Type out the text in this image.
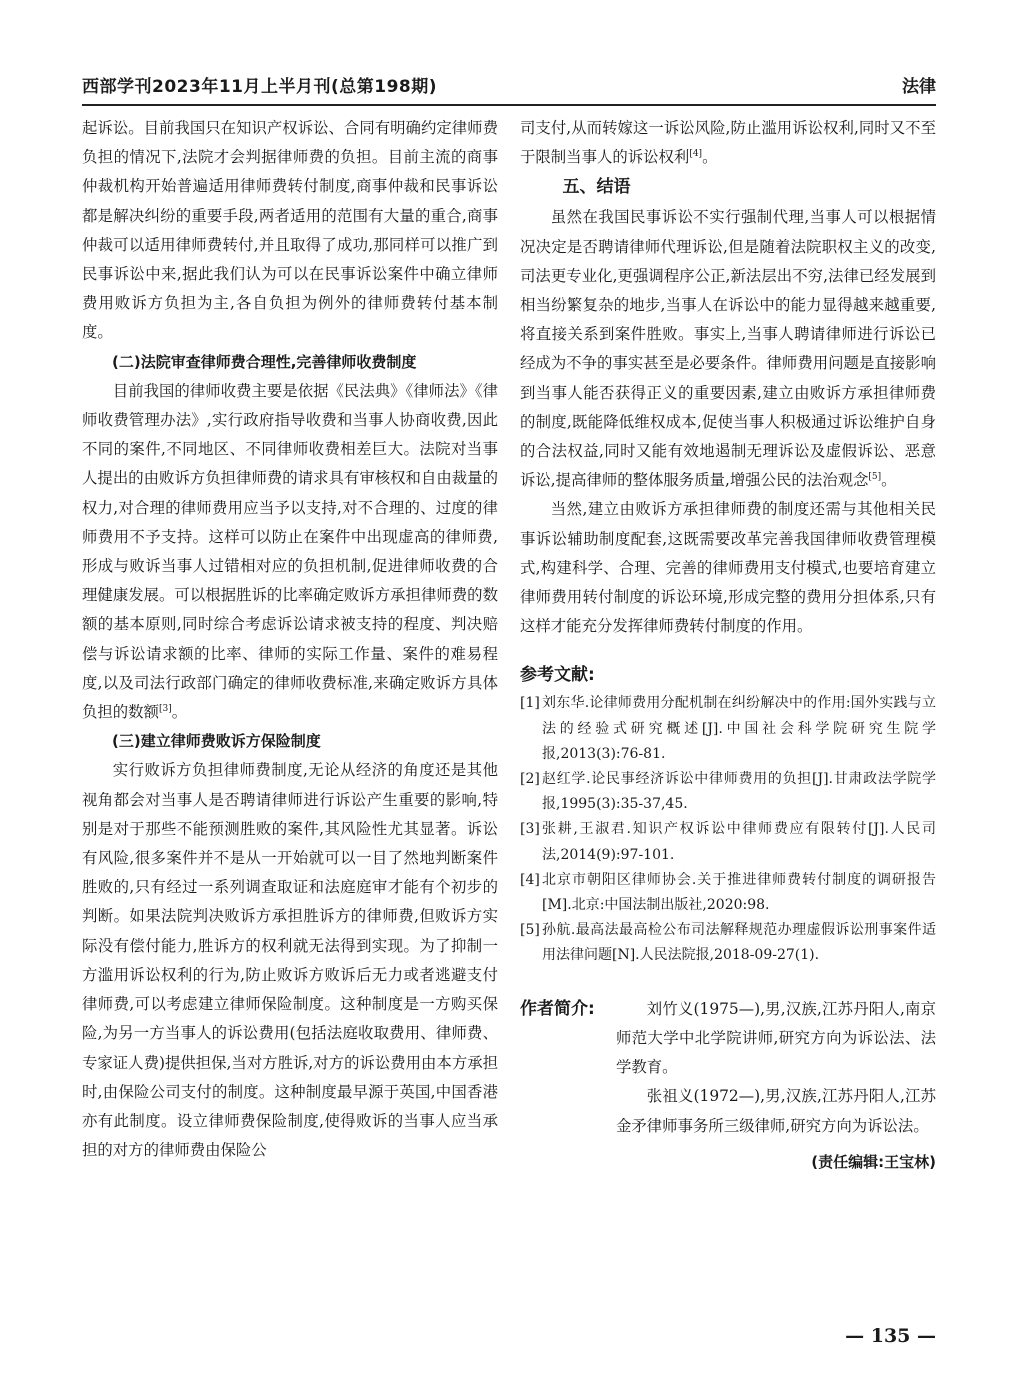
西部学刊2023年11月上半月刊(总第198期)	法律

起诉讼。目前我国只在知识产权诉讼、合同有明确约定律师费负担的情况下,法院才会判据律师费的负担。目前主流的商事仲裁机构开始普遍适用律师费转付制度,商事仲裁和民事诉讼都是解决纠纷的重要手段,两者适用的范围有大量的重合,商事仲裁可以适用律师费转付,并且取得了成功,那同样可以推广到民事诉讼中来,据此我们认为可以在民事诉讼案件中确立律师费用败诉方负担为主,各自负担为例外的律师费转付基本制度。

(二)法院审查律师费合理性,完善律师收费制度

目前我国的律师收费主要是依据《民法典》《律师法》《律师收费管理办法》,实行政府指导收费和当事人协商收费,因此不同的案件,不同地区、不同律师收费相差巨大。法院对当事人提出的由败诉方负担律师费的请求具有审核权和自由裁量的权力,对合理的律师费用应当予以支持,对不合理的、过度的律师费用不予支持。这样可以防止在案件中出现虚高的律师费,形成与败诉当事人过错相对应的负担机制,促进律师收费的合理健康发展。可以根据胜诉的比率确定败诉方承担律师费的数额的基本原则,同时综合考虑诉讼请求被支持的程度、判决赔偿与诉讼请求额的比率、律师的实际工作量、案件的难易程度,以及司法行政部门确定的律师收费标准,来确定败诉方具体负担的数额[3]。

(三)建立律师费败诉方保险制度

实行败诉方负担律师费制度,无论从经济的角度还是其他视角都会对当事人是否聘请律师进行诉讼产生重要的影响,特别是对于那些不能预测胜败的案件,其风险性尤其显著。诉讼有风险,很多案件并不是从一开始就可以一目了然地判断案件胜败的,只有经过一系列调查取证和法庭庭审才能有个初步的判断。如果法院判决败诉方承担胜诉方的律师费,但败诉方实际没有偿付能力,胜诉方的权利就无法得到实现。为了抑制一方滥用诉讼权利的行为,防止败诉方败诉后无力或者逃避支付律师费,可以考虑建立律师保险制度。这种制度是一方购买保险,为另一方当事人的诉讼费用(包括法庭收取费用、律师费、专家证人费)提供担保,当对方胜诉,对方的诉讼费用由本方承担时,由保险公司支付的制度。这种制度最早源于英国,中国香港亦有此制度。设立律师费保险制度,使得败诉的当事人应当承担的对方的律师费由保险公

司支付,从而转嫁这一诉讼风险,防止滥用诉讼权利,同时又不至于限制当事人的诉讼权利[4]。

五、结语

虽然在我国民事诉讼不实行强制代理,当事人可以根据情况决定是否聘请律师代理诉讼,但是随着法院职权主义的改变,司法更专业化,更强调程序公正,新法层出不穷,法律已经发展到相当纷繁复杂的地步,当事人在诉讼中的能力显得越来越重要,将直接关系到案件胜败。事实上,当事人聘请律师进行诉讼已经成为不争的事实甚至是必要条件。律师费用问题是直接影响到当事人能否获得正义的重要因素,建立由败诉方承担律师费的制度,既能降低维权成本,促使当事人积极通过诉讼维护自身的合法权益,同时又能有效地遏制无理诉讼及虚假诉讼、恶意诉讼,提高律师的整体服务质量,增强公民的法治观念[5]。

当然,建立由败诉方承担律师费的制度还需与其他相关民事诉讼辅助制度配套,这既需要改革完善我国律师收费管理模式,构建科学、合理、完善的律师费用支付模式,也要培育建立律师费用转付制度的诉讼环境,形成完整的费用分担体系,只有这样才能充分发挥律师费转付制度的作用。

参考文献:
[1] 刘东华.论律师费用分配机制在纠纷解决中的作用:国外实践与立法的经验式研究概述[J].中国社会科学院研究生院学报,2013(3):76-81.
[2] 赵红学.论民事经济诉讼中律师费用的负担[J].甘肃政法学院学报,1995(3):35-37,45.
[3] 张耕,王淑君.知识产权诉讼中律师费应有限转付[J].人民司法,2014(9):97-101.
[4] 北京市朝阳区律师协会.关于推进律师费转付制度的调研报告[M].北京:中国法制出版社,2020:98.
[5] 孙航.最高法最高检公布司法解释规范办理虚假诉讼刑事案件适用法律问题[N].人民法院报,2018-09-27(1).
作者简介:	刘竹义(1975—),男,汉族,江苏丹阳人,南京师范大学中北学院讲师,研究方向为诉讼法、法学教育。

张祖义(1972—),男,汉族,江苏丹阳人,江苏金矛律师事务所三级律师,研究方向为诉讼法。

(责任编辑:王宝林)
— 135 —
